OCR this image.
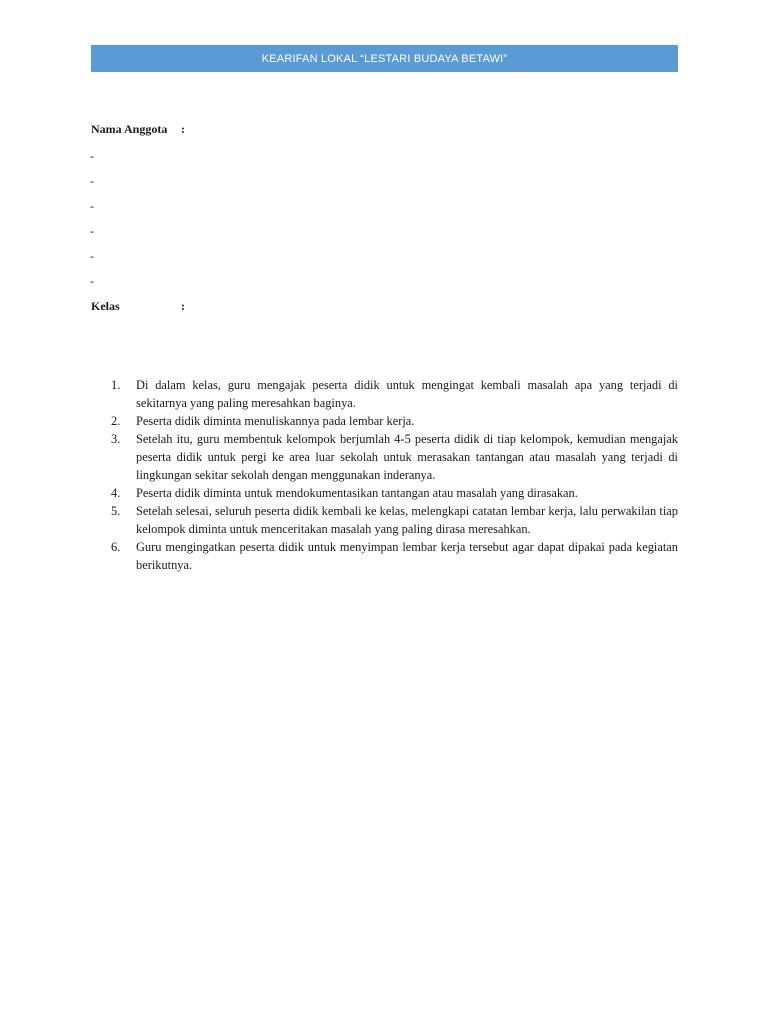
KEARIFAN LOKAL “LESTARI BUDAYA BETAWI”
Nama Anggota	:
-
-
-
-
-
-
Kelas	:
1.	Di dalam kelas, guru mengajak peserta didik untuk mengingat kembali masalah apa yang terjadi di sekitarnya yang paling meresahkan baginya.
2.	Peserta didik diminta menuliskannya pada lembar kerja.
3.	Setelah itu, guru membentuk kelompok berjumlah 4-5 peserta didik di tiap kelompok, kemudian mengajak peserta didik untuk pergi ke area luar sekolah untuk merasakan tantangan atau masalah yang terjadi di lingkungan sekitar sekolah dengan menggunakan inderanya.
4.	Peserta didik diminta untuk mendokumentasikan tantangan atau masalah yang dirasakan.
5.	Setelah selesai, seluruh peserta didik kembali ke kelas, melengkapi catatan lembar kerja, lalu perwakilan tiap kelompok diminta untuk menceritakan masalah yang paling dirasa meresahkan.
6.	Guru mengingatkan peserta didik untuk menyimpan lembar kerja tersebut agar dapat dipakai pada kegiatan berikutnya.
